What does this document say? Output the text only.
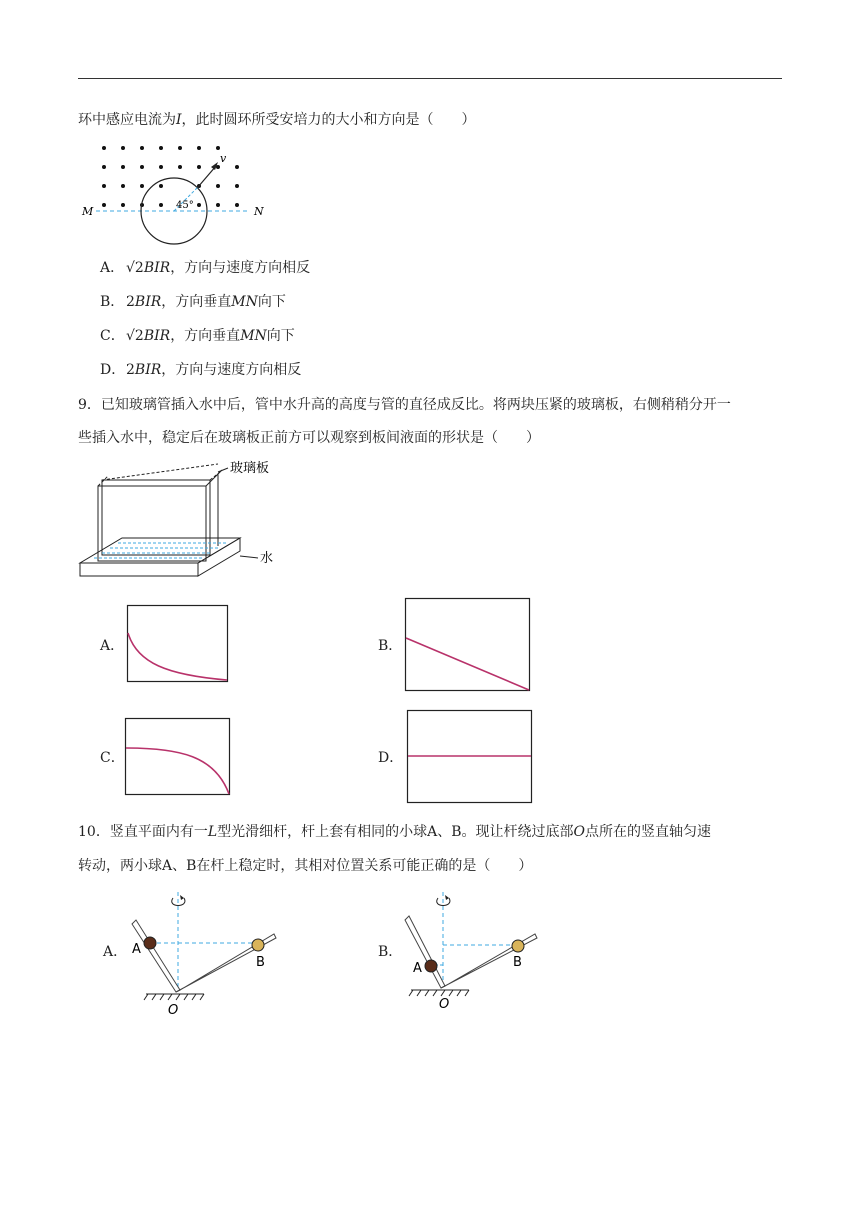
环中感应电流为I，此时圆环所受安培力的大小和方向是（　　）
v
45°
M	N
A． √2BIR，方向与速度方向相反
B． 2BIR，方向垂直MN向下
C．√2BIR，方向垂直MN向下
D．2BIR，方向与速度方向相反
9．已知玻璃管插入水中后，管中水升高的高度与管的直径成反比。将两块压紧的玻璃板，右侧稍稍分开一
些插入水中，稳定后在玻璃板正前方可以观察到板间液面的形状是（　　）
玻璃板
水
A．	B．
C．	D．
10．竖直平面内有一L型光滑细杆，杆上套有相同的小球A、B。现让杆绕过底部O点所在的竖直轴匀速
转动，两小球A、B在杆上稳定时，其相对位置关系可能正确的是（　　）
A． A
B
O
B．
A	B
O
